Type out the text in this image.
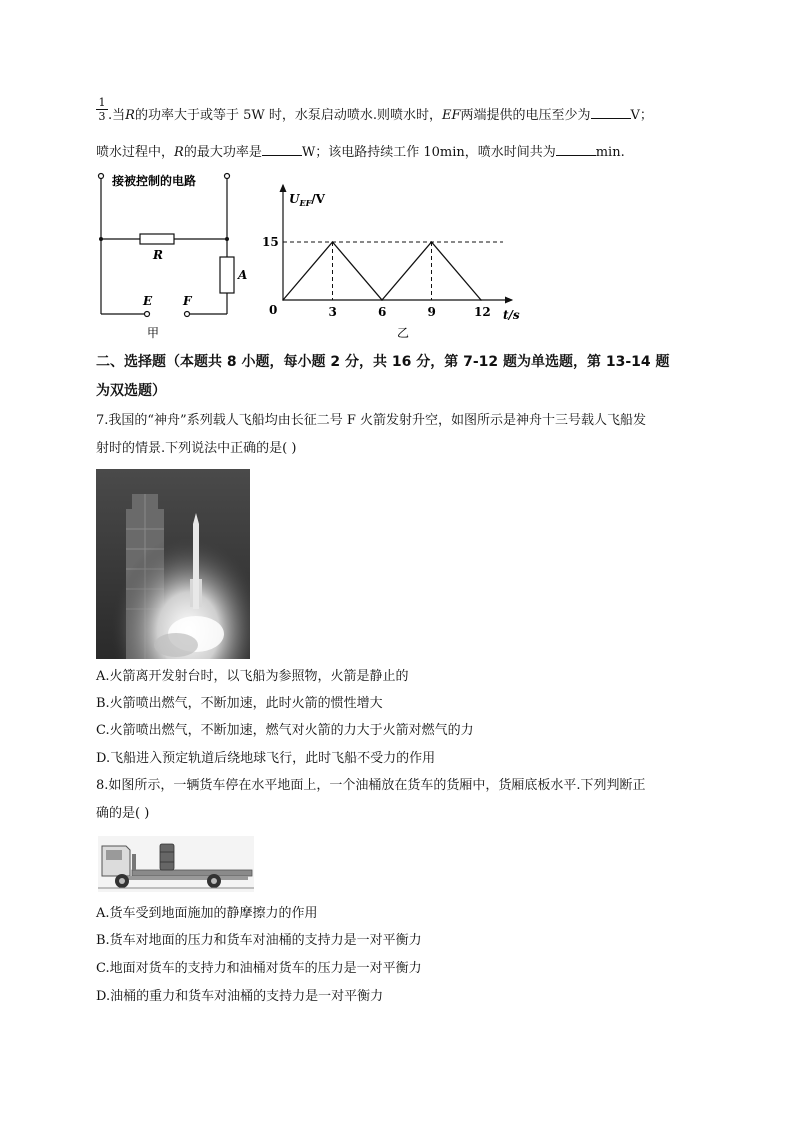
1
3 .当R的功率大于或等于 5W 时，水泵启动喷水.则喷水时，EF两端提供的电压至少为	V；
喷水过程中，R的最大功率是	W；该电路持续工作 10min，喷水时间共为	min.
接被控制的电路
R
A
E	F
甲
$U_{EF}/V$
t/s
0
乙
3	6	9	12
15
二、选择题（本题共 8 小题，每小题 2 分，共 16 分，第 7-12 题为单选题，第 13-14 题
为双选题）
7.我国的“神舟”系列载人飞船均由长征二号 F 火箭发射升空，如图所示是神舟十三号载人飞船发
射时的情景.下列说法中正确的是( )
A.火箭离开发射台时，以飞船为参照物，火箭是静止的
B.火箭喷出燃气，不断加速，此时火箭的惯性增大
C.火箭喷出燃气，不断加速，燃气对火箭的力大于火箭对燃气的力
D.飞船进入预定轨道后绕地球飞行，此时飞船不受力的作用
8.如图所示，一辆货车停在水平地面上，一个油桶放在货车的货厢中，货厢底板水平.下列判断正
确的是( )
A.货车受到地面施加的静摩擦力的作用
B.货车对地面的压力和货车对油桶的支持力是一对平衡力
C.地面对货车的支持力和油桶对货车的压力是一对平衡力
D.油桶的重力和货车对油桶的支持力是一对平衡力
